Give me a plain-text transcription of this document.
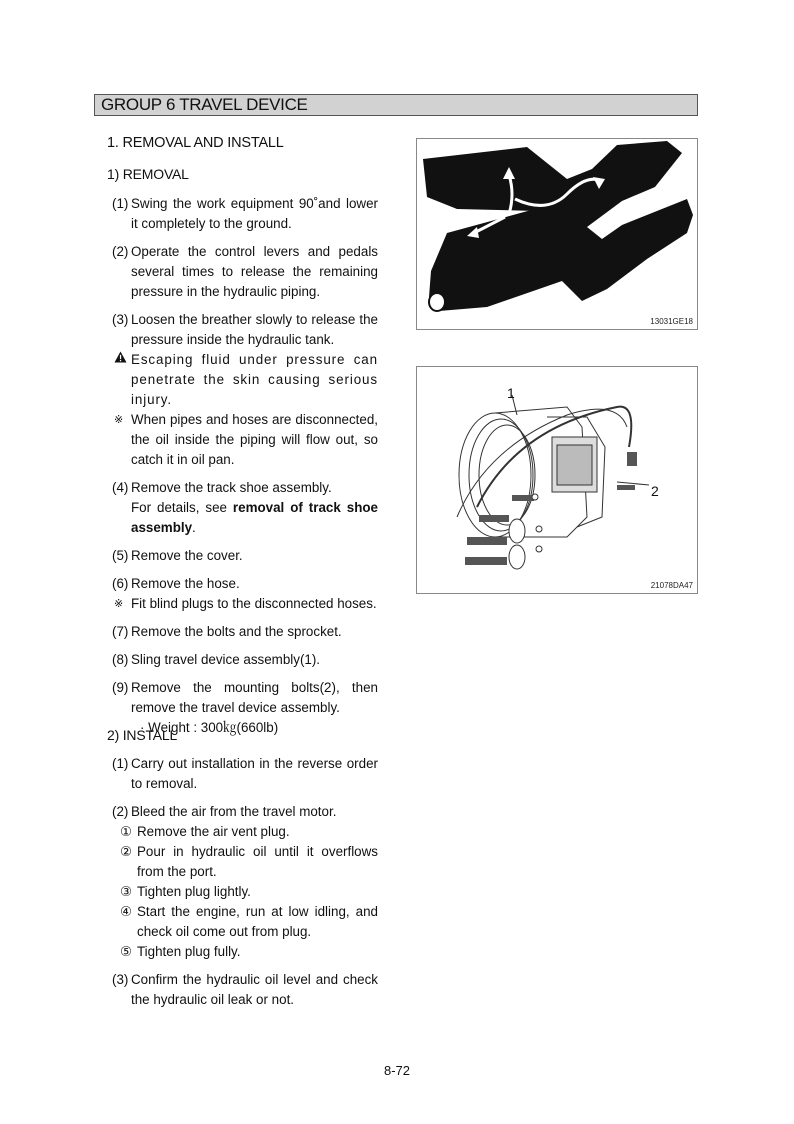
GROUP 6 TRAVEL DEVICE
1. REMOVAL AND INSTALL
1) REMOVAL
(1) Swing the work equipment 90˚and lower it completely to the ground.
(2) Operate the control levers and pedals several times to release the remaining pressure in the hydraulic piping.
(3) Loosen the breather slowly to release the pressure inside the hydraulic tank.
Escaping fluid under pressure can penetrate the skin causing serious injury.
※ When pipes and hoses are disconnected, the oil inside the piping will flow out, so catch it in oil pan.
(4) Remove the track shoe assembly.
For details, see removal of track shoe assembly.
(5) Remove the cover.
(6) Remove the hose.
※ Fit blind plugs to the disconnected hoses.
(7) Remove the bolts and the sprocket.
(8) Sling travel device assembly(1).
(9) Remove the mounting bolts(2), then remove the travel device assembly.
· Weight : 300㎏(660lb)
2) INSTALL
(1) Carry out installation in the reverse order to removal.
(2) Bleed the air from the travel motor.
① Remove the air vent plug.
② Pour in hydraulic oil until it overflows from the port.
③ Tighten plug lightly.
④ Start the engine, run at low idling, and check oil come out from plug.
⑤ Tighten plug fully.
(3) Confirm the hydraulic oil level and check the hydraulic oil leak or not.
13031GE18
1
2
21078DA47
8-72
